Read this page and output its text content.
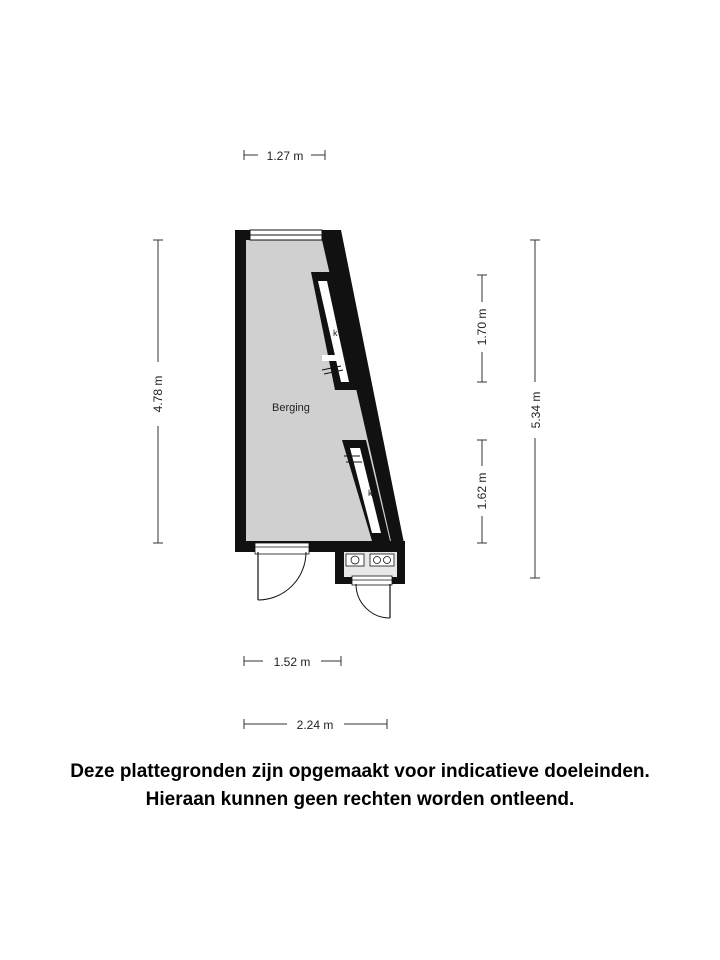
k
k
Berging
1.27 m
4.78 m
1.70 m
1.62 m
5.34 m
1.52 m
2.24 m
Deze plattegronden zijn opgemaakt voor indicatieve doeleinden.
Hieraan kunnen geen rechten worden ontleend.
